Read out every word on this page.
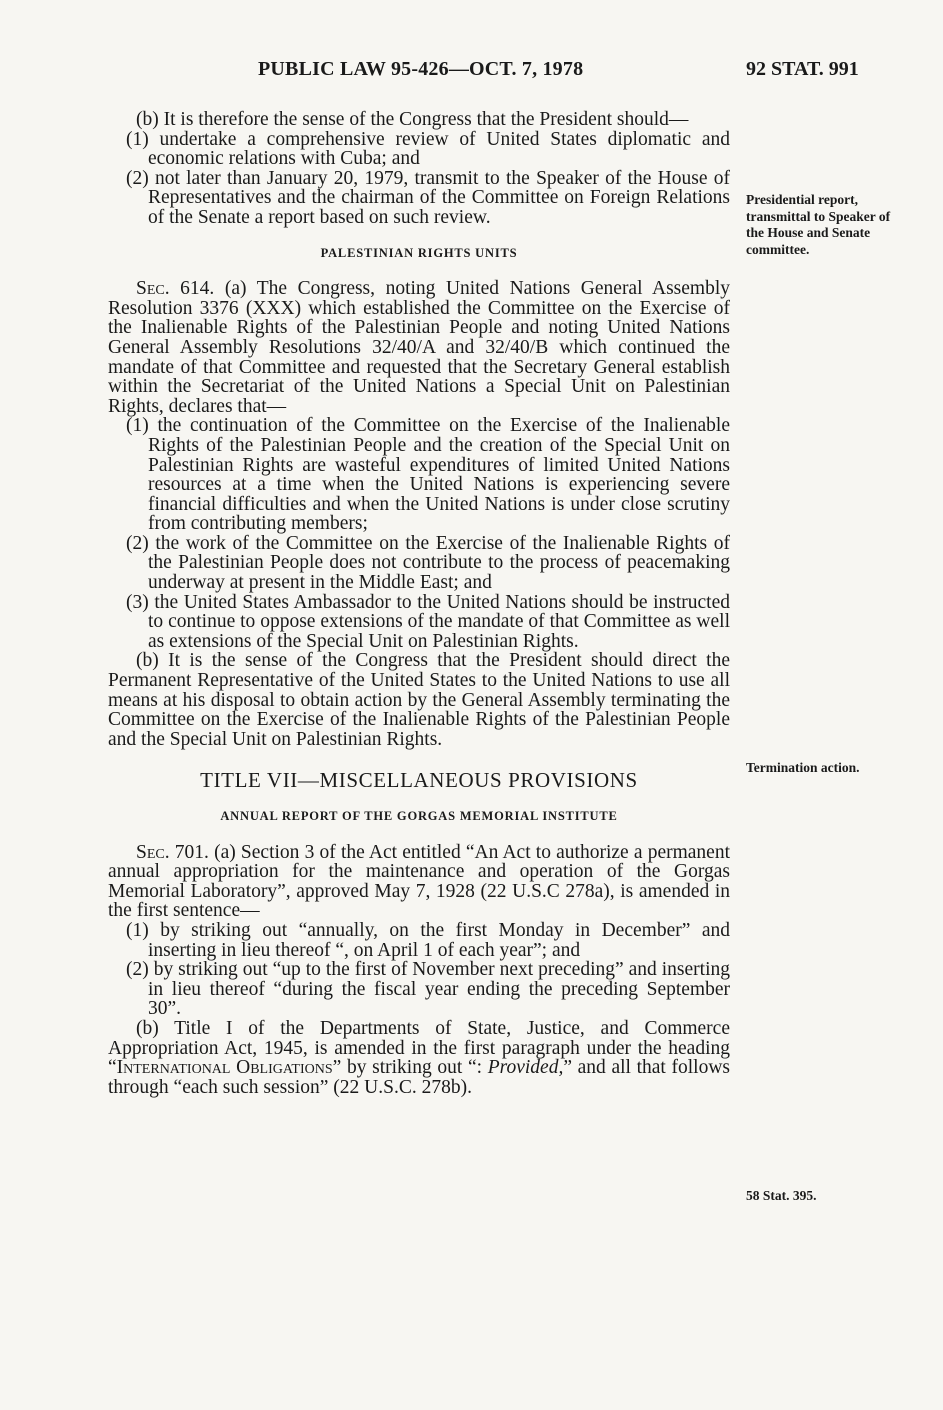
PUBLIC LAW 95-426—OCT. 7, 1978	92 STAT. 991

(b) It is therefore the sense of the Congress that the President should—

(1) undertake a comprehensive review of United States diplomatic and economic relations with Cuba; and

(2) not later than January 20, 1979, transmit to the Speaker of the House of Representatives and the chairman of the Committee on Foreign Relations of the Senate a report based on such review.

PALESTINIAN RIGHTS UNITS

Sec. 614. (a) The Congress, noting United Nations General Assembly Resolution 3376 (XXX) which established the Committee on the Exercise of the Inalienable Rights of the Palestinian People and noting United Nations General Assembly Resolutions 32/40/A and 32/40/B which continued the mandate of that Committee and requested that the Secretary General establish within the Secretariat of the United Nations a Special Unit on Palestinian Rights, declares that—

(1) the continuation of the Committee on the Exercise of the Inalienable Rights of the Palestinian People and the creation of the Special Unit on Palestinian Rights are wasteful expenditures of limited United Nations resources at a time when the United Nations is experiencing severe financial difficulties and when the United Nations is under close scrutiny from contributing members;

(2) the work of the Committee on the Exercise of the Inalienable Rights of the Palestinian People does not contribute to the process of peacemaking underway at present in the Middle East; and

(3) the United States Ambassador to the United Nations should be instructed to continue to oppose extensions of the mandate of that Committee as well as extensions of the Special Unit on Palestinian Rights.

(b) It is the sense of the Congress that the President should direct the Permanent Representative of the United States to the United Nations to use all means at his disposal to obtain action by the General Assembly terminating the Committee on the Exercise of the Inalienable Rights of the Palestinian People and the Special Unit on Palestinian Rights.

TITLE VII—MISCELLANEOUS PROVISIONS
ANNUAL REPORT OF THE GORGAS MEMORIAL INSTITUTE

Sec. 701. (a) Section 3 of the Act entitled “An Act to authorize a permanent annual appropriation for the maintenance and operation of the Gorgas Memorial Laboratory”, approved May 7, 1928 (22 U.S.C 278a), is amended in the first sentence—

(1) by striking out “annually, on the first Monday in December” and inserting in lieu thereof “, on April 1 of each year”; and

(2) by striking out “up to the first of November next preceding” and inserting in lieu thereof “during the fiscal year ending the preceding September 30”.

(b) Title I of the Departments of State, Justice, and Commerce Appropriation Act, 1945, is amended in the first paragraph under the heading “International Obligations” by striking out “: Provided,” and all that follows through “each such session” (22 U.S.C. 278b).

Presidential report, transmittal to Speaker of the House and Senate committee.
Termination action.
58 Stat. 395.
